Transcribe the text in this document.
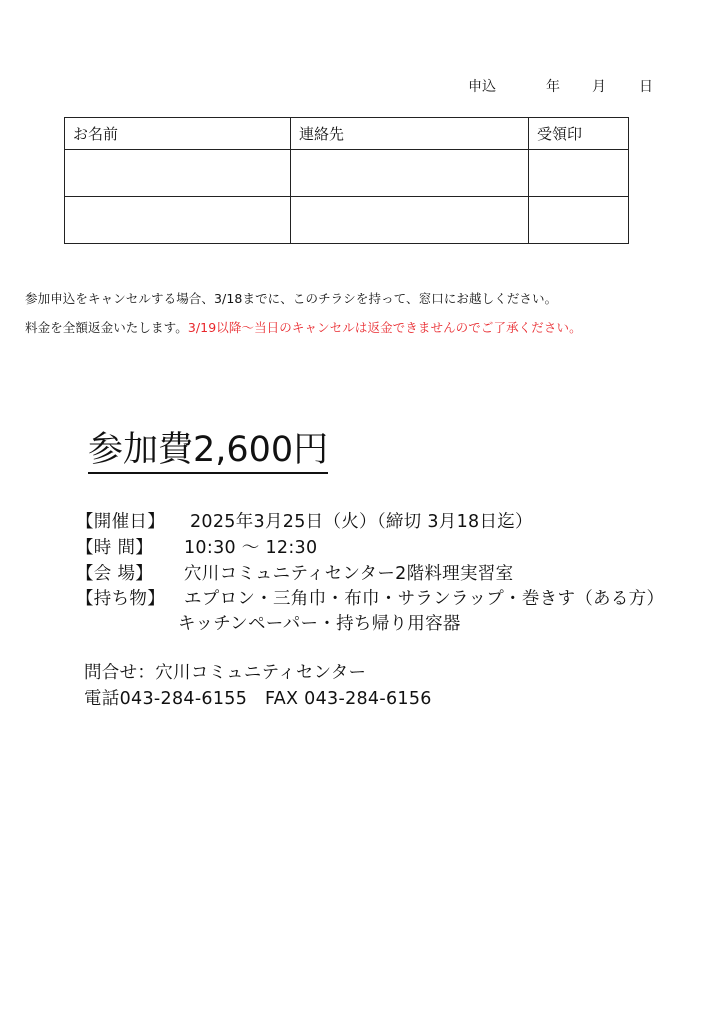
申込	年 月 日
お名前	連絡先	受領印

参加申込をキャンセルする場合、3/18までに、このチラシを持って、窓口にお越しください。
料金を全額返金いたします。3/19以降～当日のキャンセルは返金できませんのでご了承ください。
参加費2,600円
【開催日】 2025年3月25日（火）（締切 3月18日迄）
【時 間】 10:30 ～ 12:30
【会 場】 穴川コミュニティセンター2階料理実習室
【持ち物】 エプロン・三角巾・布巾・サランラップ・巻きす（ある方）
キッチンペーパー・持ち帰り用容器
問合せ：穴川コミュニティセンター
電話043-284-6155　FAX 043-284-6156
